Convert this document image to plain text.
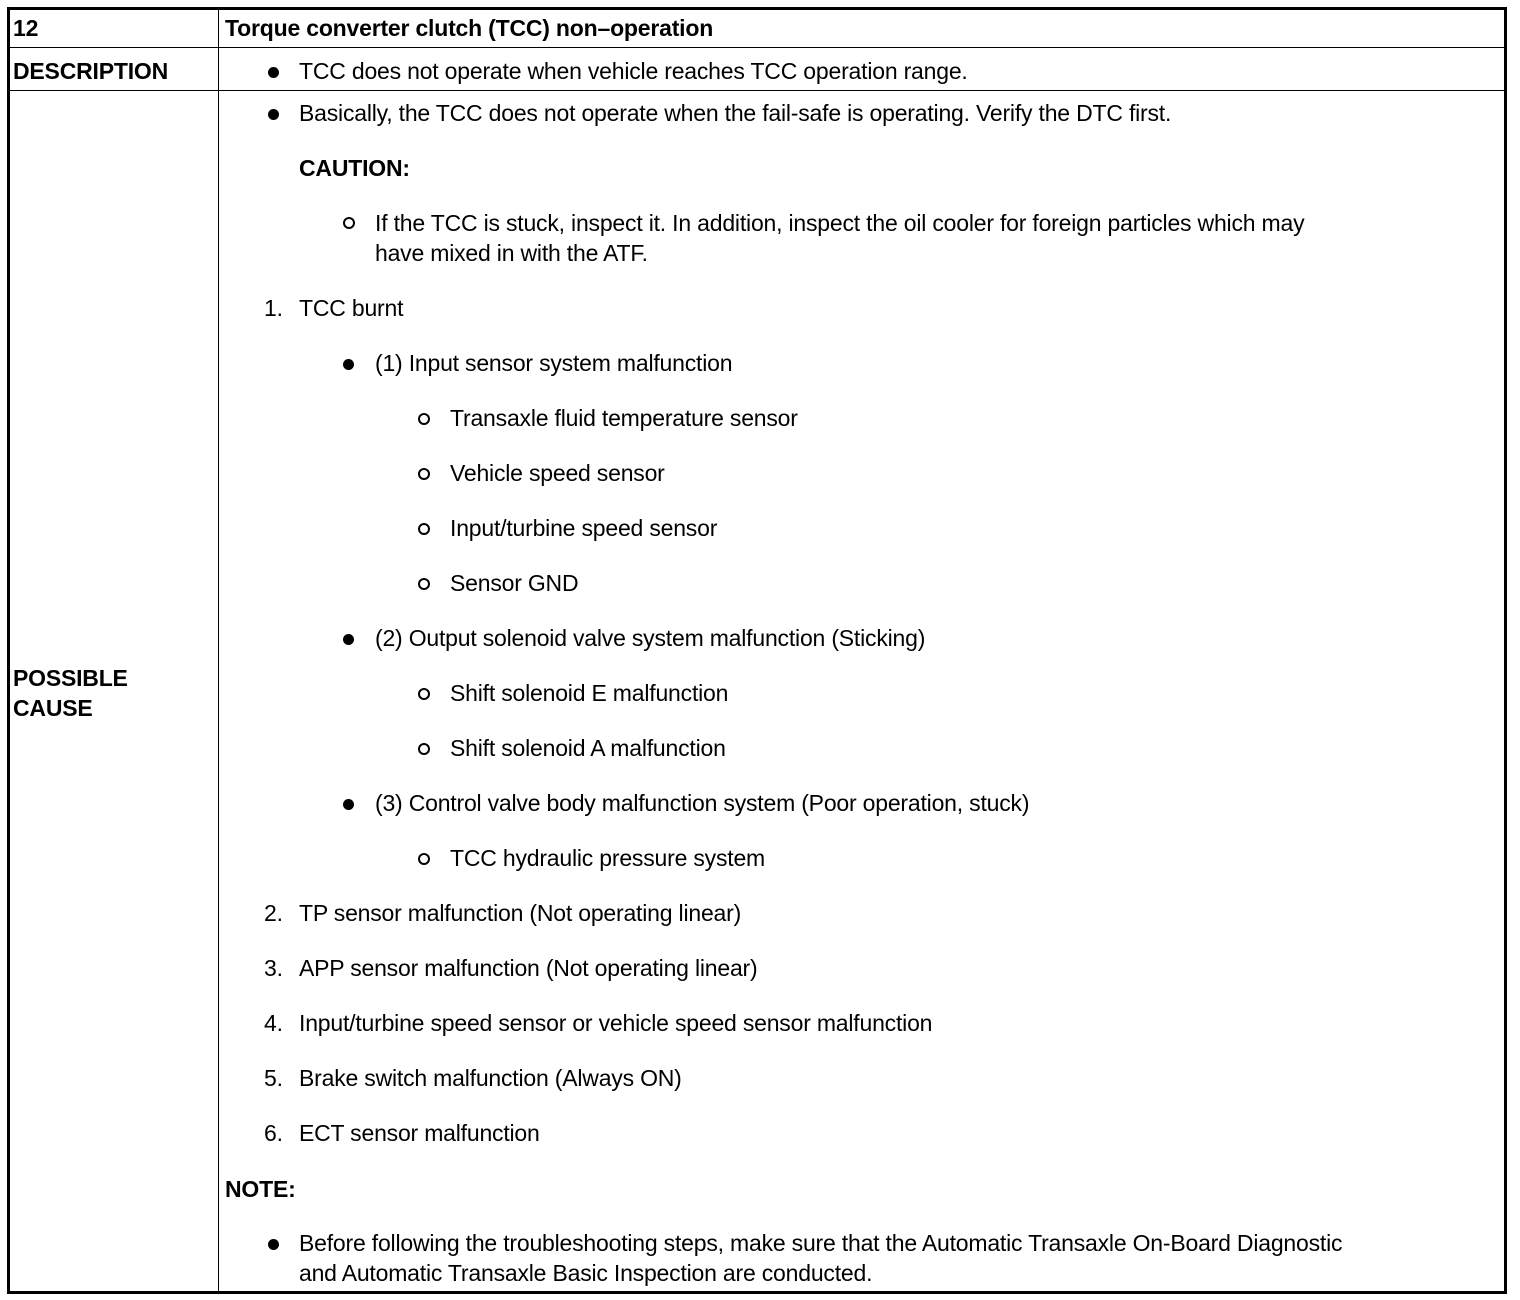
12	Torque converter clutch (TCC) non–operation
DESCRIPTION	TCC does not operate when vehicle reaches TCC operation range.
POSSIBLE
CAUSE
Basically, the TCC does not operate when the fail-safe is operating. Verify the DTC first.
CAUTION:
If the TCC is stuck, inspect it. In addition, inspect the oil cooler for foreign particles which may
have mixed in with the ATF.
1. TCC burnt
(1) Input sensor system malfunction
Transaxle fluid temperature sensor
Vehicle speed sensor
Input/turbine speed sensor
Sensor GND
(2) Output solenoid valve system malfunction (Sticking)
Shift solenoid E malfunction
Shift solenoid A malfunction
(3) Control valve body malfunction system (Poor operation, stuck)
TCC hydraulic pressure system
2. TP sensor malfunction (Not operating linear)
3. APP sensor malfunction (Not operating linear)
4. Input/turbine speed sensor or vehicle speed sensor malfunction
5. Brake switch malfunction (Always ON)
6. ECT sensor malfunction
NOTE:
Before following the troubleshooting steps, make sure that the Automatic Transaxle On-Board Diagnostic
and Automatic Transaxle Basic Inspection are conducted.
